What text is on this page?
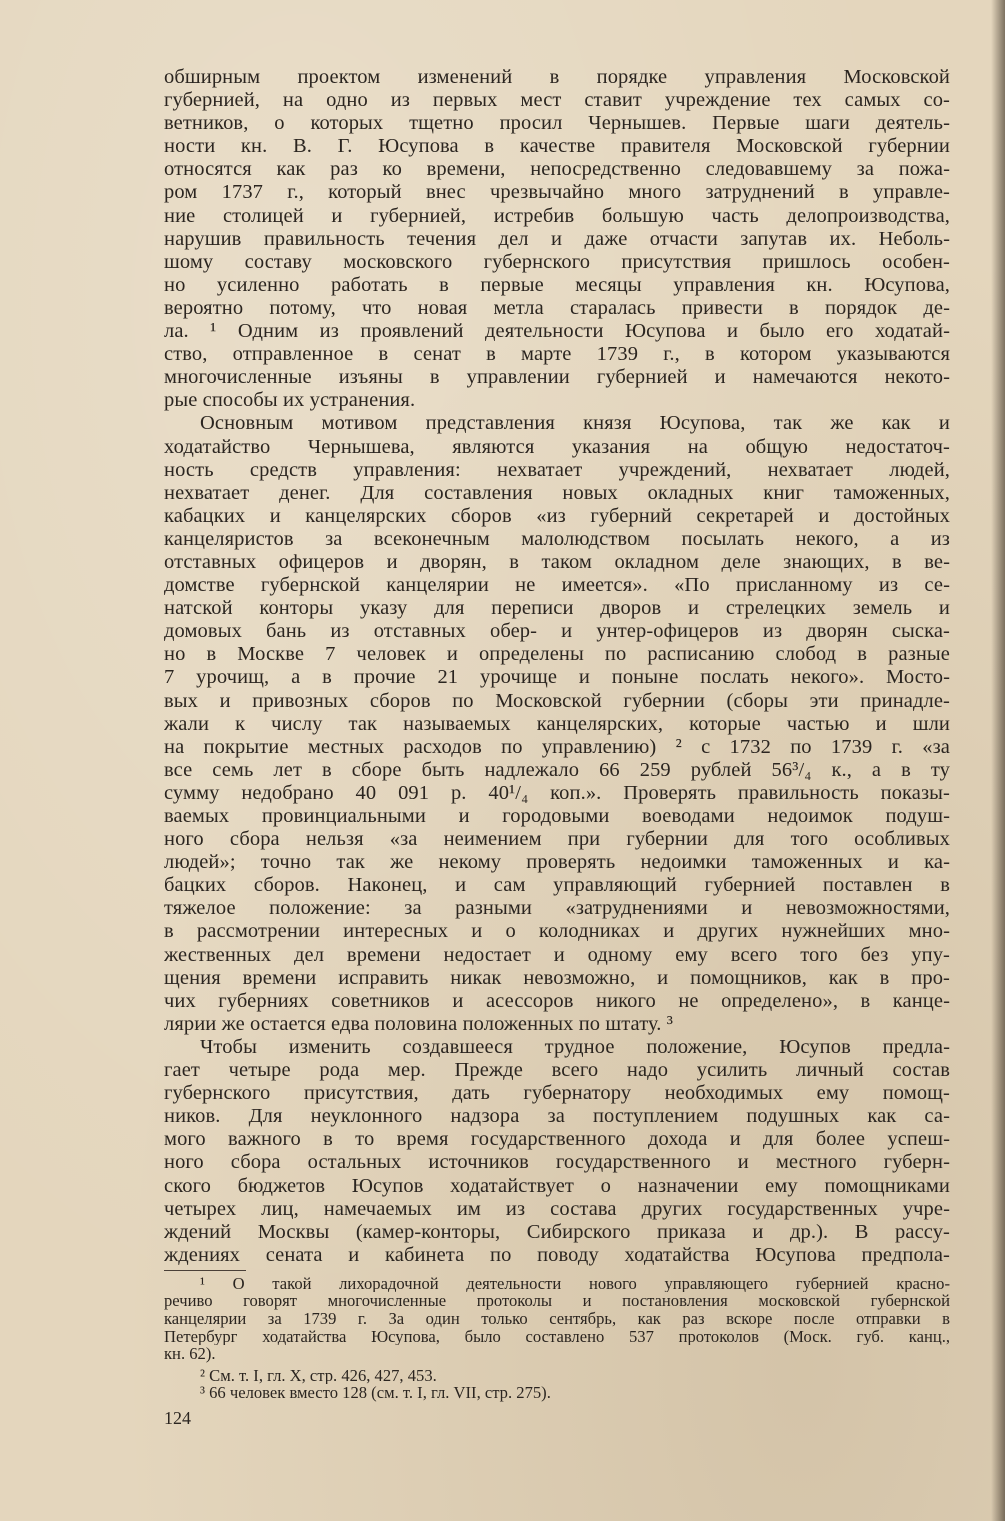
обширным проектом изменений в порядке управления Московской
губернией, на одно из первых мест ставит учреждение тех самых со-
ветников, о которых тщетно просил Чернышев. Первые шаги деятель-
ности кн. В. Г. Юсупова в качестве правителя Московской губернии
относятся как раз ко времени, непосредственно следовавшему за пожа-
ром 1737 г., который внес чрезвычайно много затруднений в управле-
ние столицей и губернией, истребив большую часть делопроизводства,
нарушив правильность течения дел и даже отчасти запутав их. Неболь-
шому составу московского губернского присутствия пришлось особен-
но усиленно работать в первые месяцы управления кн. Юсупова,
вероятно потому, что новая метла старалась привести в порядок де-
ла. ¹ Одним из проявлений деятельности Юсупова и было его ходатай-
ство, отправленное в сенат в марте 1739 г., в котором указываются
многочисленные изъяны в управлении губернией и намечаются некото-
рые способы их устранения.
Основным мотивом представления князя Юсупова, так же как и
ходатайство Чернышева, являются указания на общую недостаточ-
ность средств управления: нехватает учреждений, нехватает людей,
нехватает денег. Для составления новых окладных книг таможенных,
кабацких и канцелярских сборов «из губерний секретарей и достойных
канцеляристов за всеконечным малолюдством посылать некого, а из
отставных офицеров и дворян, в таком окладном деле знающих, в ве-
домстве губернской канцелярии не имеется». «По присланному из се-
натской конторы указу для переписи дворов и стрелецких земель и
домовых бань из отставных обер- и унтер-офицеров из дворян сыска-
но в Москве 7 человек и определены по расписанию слобод в разные
7 урочищ, а в прочие 21 урочище и поныне послать некого». Мосто-
вых и привозных сборов по Московской губернии (сборы эти принадле-
жали к числу так называемых канцелярских, которые частью и шли
на покрытие местных расходов по управлению) ² с 1732 по 1739 г. «за
все семь лет в сборе быть надлежало 66 259 рублей 56³/₄ к., а в ту
сумму недобрано 40 091 р. 40¹/₄ коп.». Проверять правильность показы-
ваемых провинциальными и городовыми воеводами недоимок подуш-
ного сбора нельзя «за неимением при губернии для того особливых
людей»; точно так же некому проверять недоимки таможенных и ка-
бацких сборов. Наконец, и сам управляющий губернией поставлен в
тяжелое положение: за разными «затруднениями и невозможностями,
в рассмотрении интересных и о колодниках и других нужнейших мно-
жественных дел времени недостает и одному ему всего того без упу-
щения времени исправить никак невозможно, и помощников, как в про-
чих губерниях советников и асессоров никого не определено», в канце-
лярии же остается едва половина положенных по штату. ³
Чтобы изменить создавшееся трудное положение, Юсупов предла-
гает четыре рода мер. Прежде всего надо усилить личный состав
губернского присутствия, дать губернатору необходимых ему помощ-
ников. Для неуклонного надзора за поступлением подушных как са-
мого важного в то время государственного дохода и для более успеш-
ного сбора остальных источников государственного и местного губерн-
ского бюджетов Юсупов ходатайствует о назначении ему помощниками
четырех лиц, намечаемых им из состава других государственных учре-
ждений Москвы (камер-конторы, Сибирского приказа и др.). В рассу-
ждениях сената и кабинета по поводу ходатайства Юсупова предпола-
¹ О такой лихорадочной деятельности нового управляющего губернией красно-
речиво говорят многочисленные протоколы и постановления московской губернской
канцелярии за 1739 г. За один только сентябрь, как раз вскоре после отправки в
Петербург ходатайства Юсупова, было составлено 537 протоколов (Моск. губ. канц.,
кн. 62).
² См. т. I, гл. X, стр. 426, 427, 453.
³ 66 человек вместо 128 (см. т. I, гл. VII, стр. 275).
124
